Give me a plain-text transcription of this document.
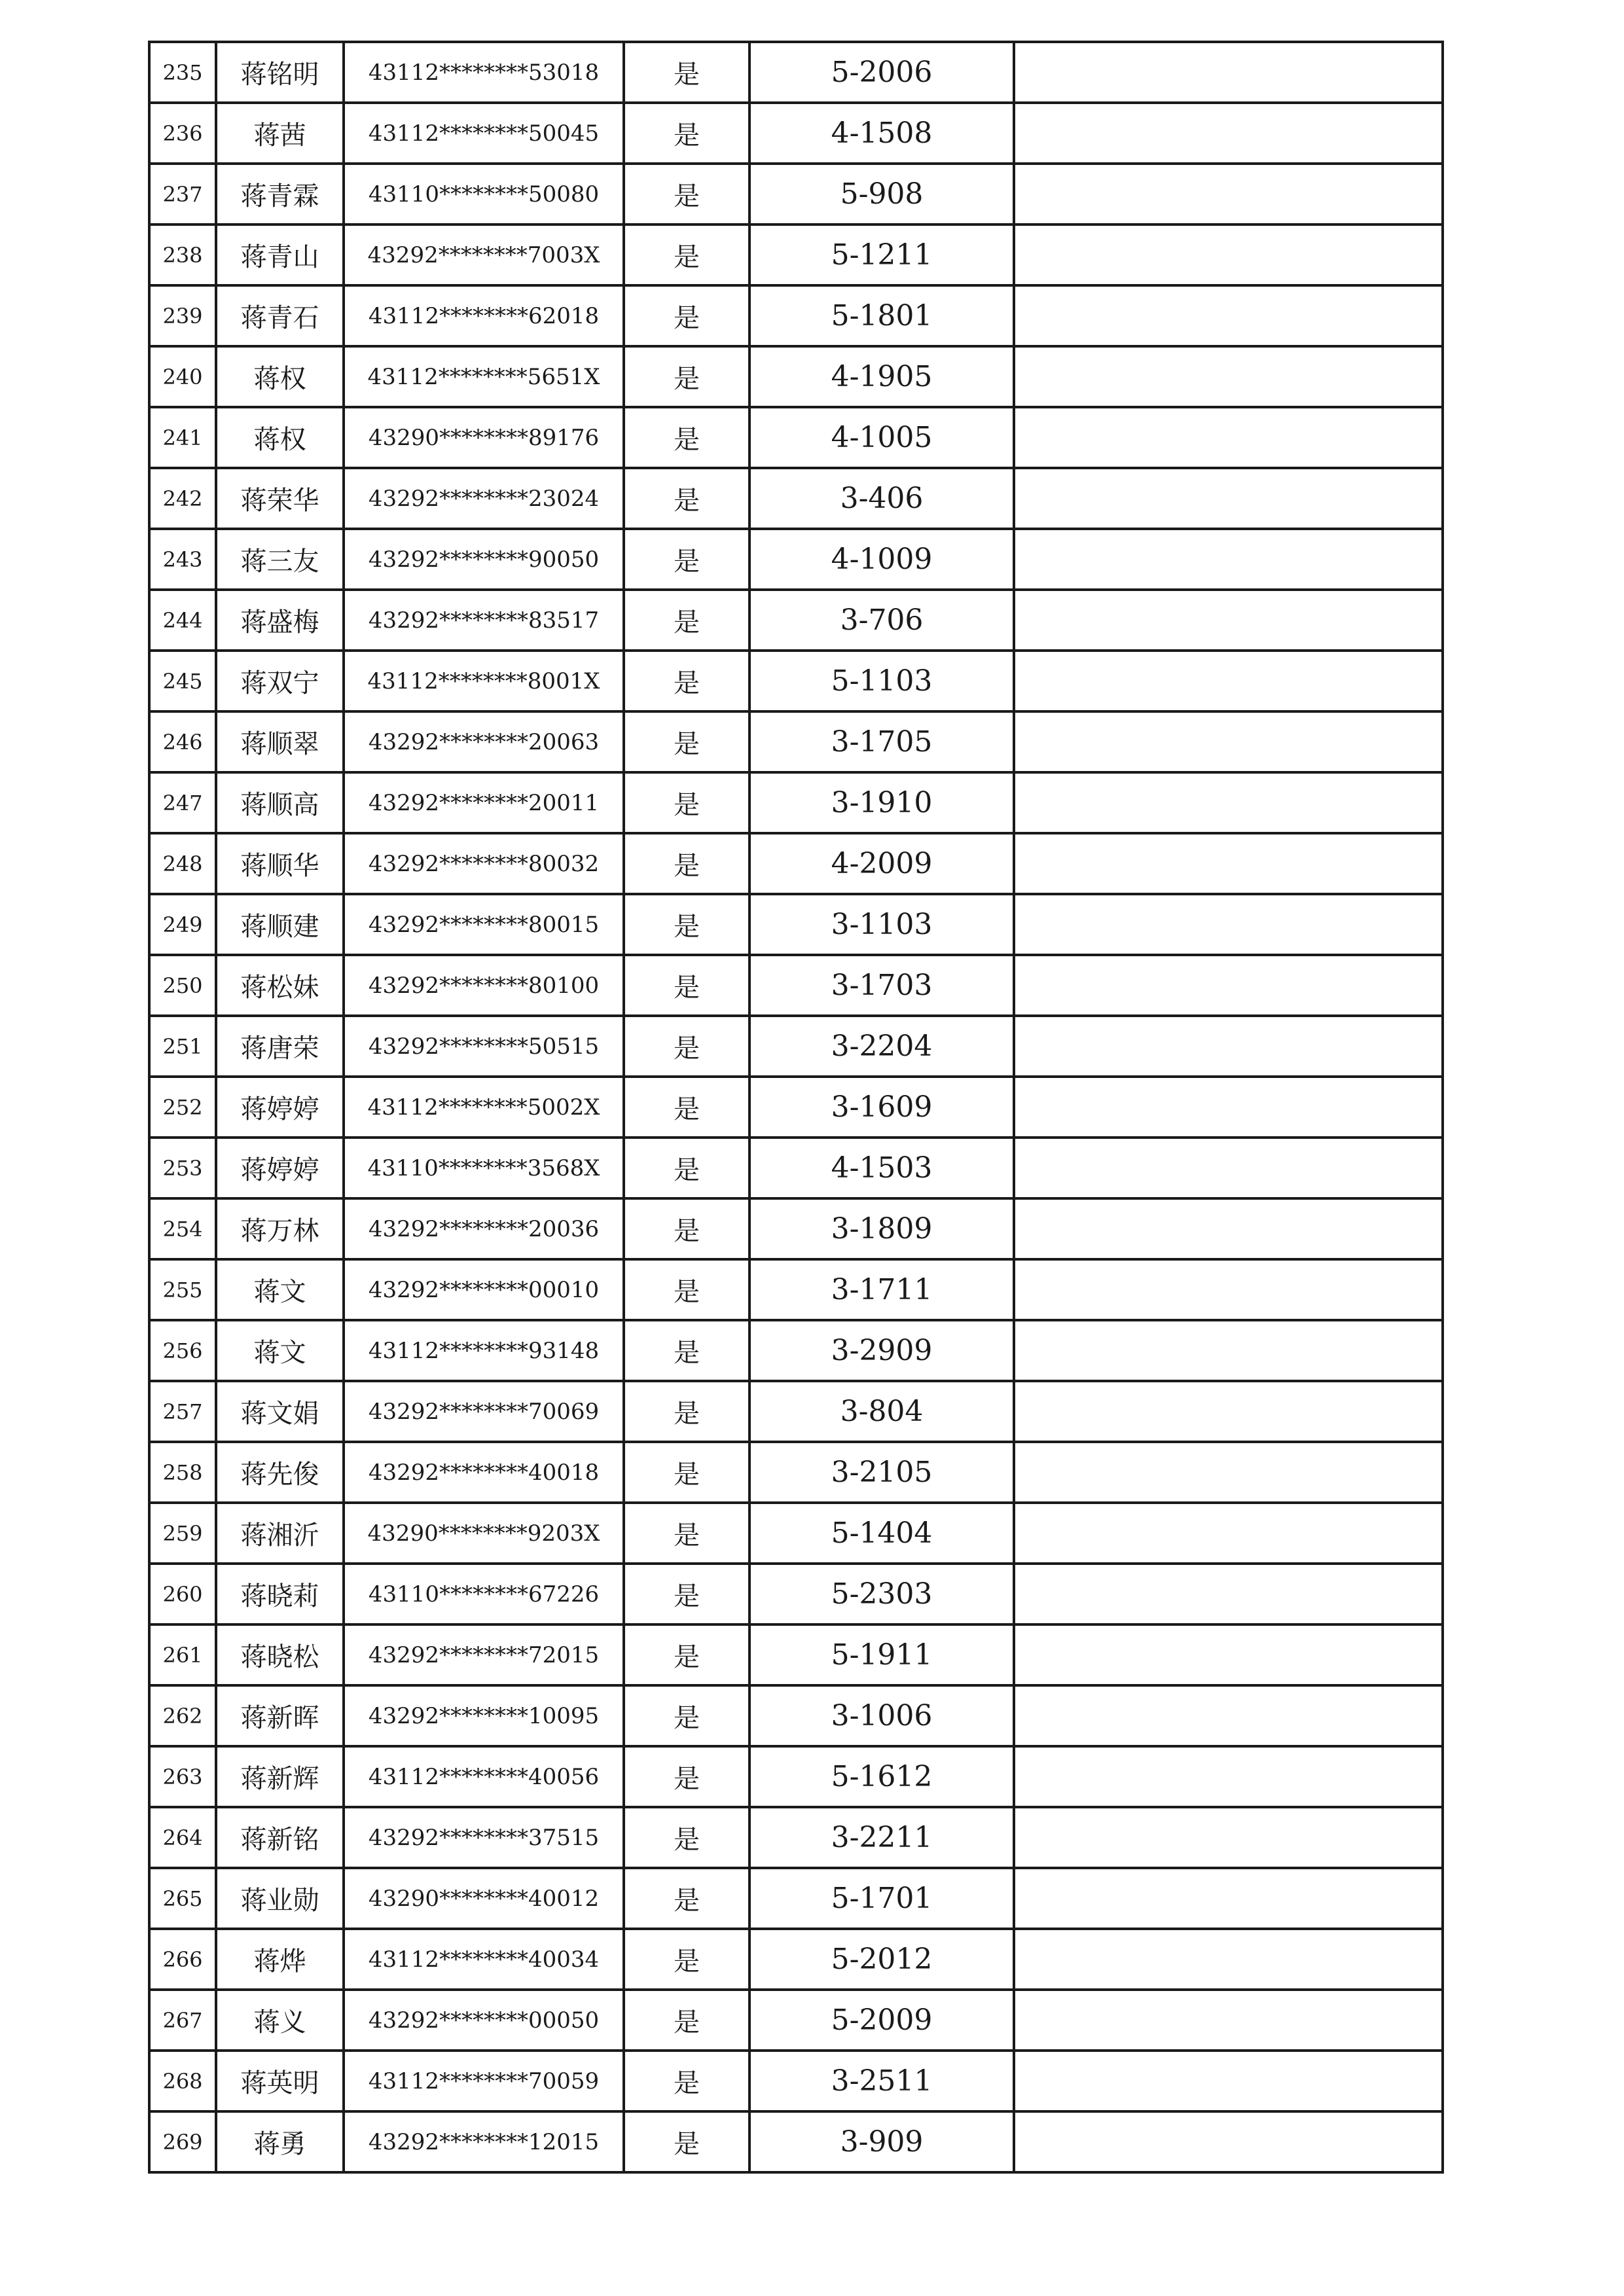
235	蒋铭明	43112********53018	是	5-2006	
236	蒋茜	43112********50045	是	4-1508	
237	蒋青霖	43110********50080	是	5-908	
238	蒋青山	43292********7003X	是	5-1211	
239	蒋青石	43112********62018	是	5-1801	
240	蒋权	43112********5651X	是	4-1905	
241	蒋权	43290********89176	是	4-1005	
242	蒋荣华	43292********23024	是	3-406	
243	蒋三友	43292********90050	是	4-1009	
244	蒋盛梅	43292********83517	是	3-706	
245	蒋双宁	43112********8001X	是	5-1103	
246	蒋顺翠	43292********20063	是	3-1705	
247	蒋顺高	43292********20011	是	3-1910	
248	蒋顺华	43292********80032	是	4-2009	
249	蒋顺建	43292********80015	是	3-1103	
250	蒋松妹	43292********80100	是	3-1703	
251	蒋唐荣	43292********50515	是	3-2204	
252	蒋婷婷	43112********5002X	是	3-1609	
253	蒋婷婷	43110********3568X	是	4-1503	
254	蒋万林	43292********20036	是	3-1809	
255	蒋文	43292********00010	是	3-1711	
256	蒋文	43112********93148	是	3-2909	
257	蒋文娟	43292********70069	是	3-804	
258	蒋先俊	43292********40018	是	3-2105	
259	蒋湘沂	43290********9203X	是	5-1404	
260	蒋晓莉	43110********67226	是	5-2303	
261	蒋晓松	43292********72015	是	5-1911	
262	蒋新晖	43292********10095	是	3-1006	
263	蒋新辉	43112********40056	是	5-1612	
264	蒋新铭	43292********37515	是	3-2211	
265	蒋业勋	43290********40012	是	5-1701	
266	蒋烨	43112********40034	是	5-2012	
267	蒋义	43292********00050	是	5-2009	
268	蒋英明	43112********70059	是	3-2511	
269	蒋勇	43292********12015	是	3-909	
